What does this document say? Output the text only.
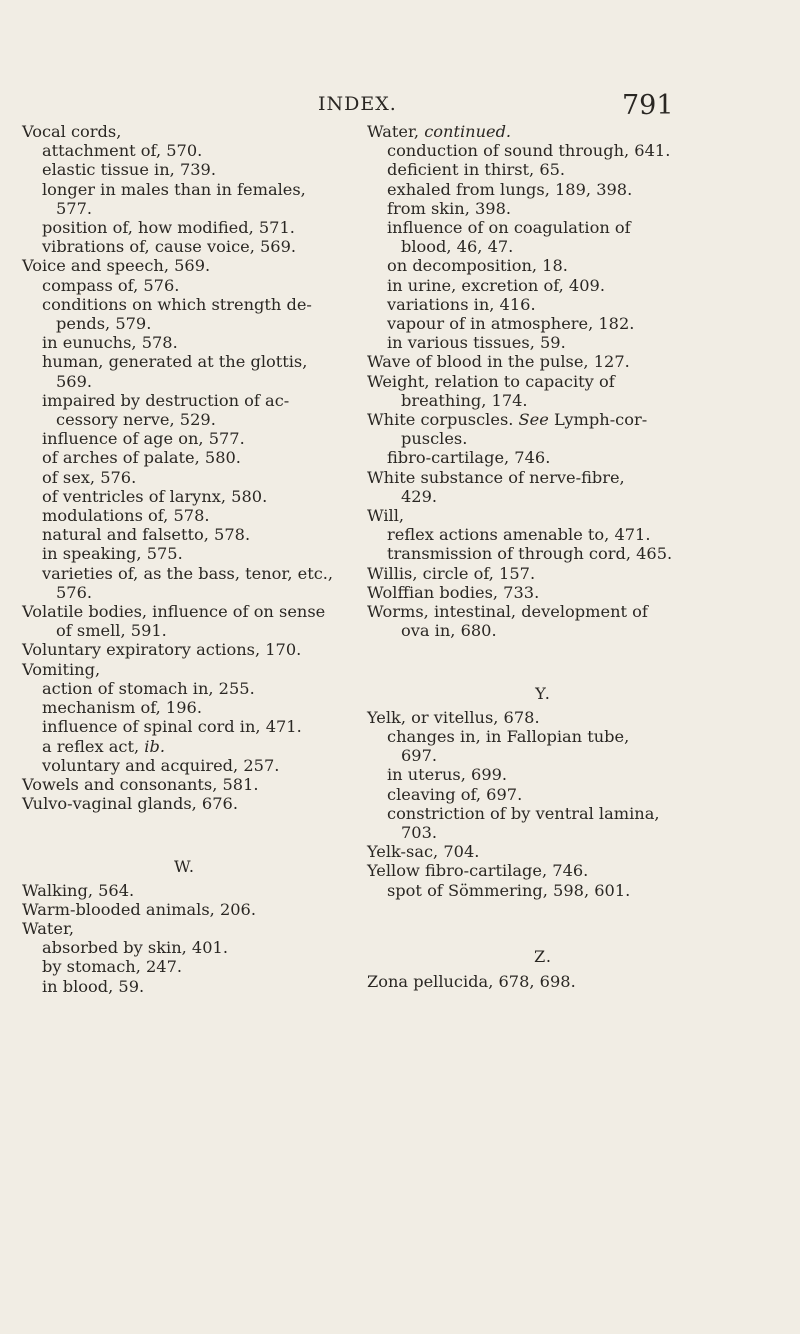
INDEX.	791
Vocal cords,
attachment of, 570.
elastic tissue in, 739.
longer in males than in females,
577.
position of, how modified, 571.
vibrations of, cause voice, 569.
Voice and speech, 569.
compass of, 576.
conditions on which strength de-
pends, 579.
in eunuchs, 578.
human, generated at the glottis,
569.
impaired by destruction of ac-
cessory nerve, 529.
influence of age on, 577.
of arches of palate, 580.
of sex, 576.
of ventricles of larynx, 580.
modulations of, 578.
natural and falsetto, 578.
in speaking, 575.
varieties of, as the bass, tenor, etc.,
576.
Volatile bodies, influence of on sense
of smell, 591.
Voluntary expiratory actions, 170.
Vomiting,
action of stomach in, 255.
mechanism of, 196.
influence of spinal cord in, 471.
a reflex act, ib.
voluntary and acquired, 257.
Vowels and consonants, 581.
Vulvo-vaginal glands, 676.
W.
Walking, 564.
Warm-blooded animals, 206.
Water,
absorbed by skin, 401.
by stomach, 247.
in blood, 59.
Water, continued.
conduction of sound through, 641.
deficient in thirst, 65.
exhaled from lungs, 189, 398.
from skin, 398.
influence of on coagulation of
blood, 46, 47.
on decomposition, 18.
in urine, excretion of, 409.
variations in, 416.
vapour of in atmosphere, 182.
in various tissues, 59.
Wave of blood in the pulse, 127.
Weight, relation to capacity of
breathing, 174.
White corpuscles. See Lymph-cor-
puscles.
fibro-cartilage, 746.
White substance of nerve-fibre,
429.
Will,
reflex actions amenable to, 471.
transmission of through cord, 465.
Willis, circle of, 157.
Wolffian bodies, 733.
Worms, intestinal, development of
ova in, 680.
Y.
Yelk, or vitellus, 678.
changes in, in Fallopian tube,
697.
in uterus, 699.
cleaving of, 697.
constriction of by ventral lamina,
703.
Yelk-sac, 704.
Yellow fibro-cartilage, 746.
spot of Sömmering, 598, 601.
Z.
Zona pellucida, 678, 698.
